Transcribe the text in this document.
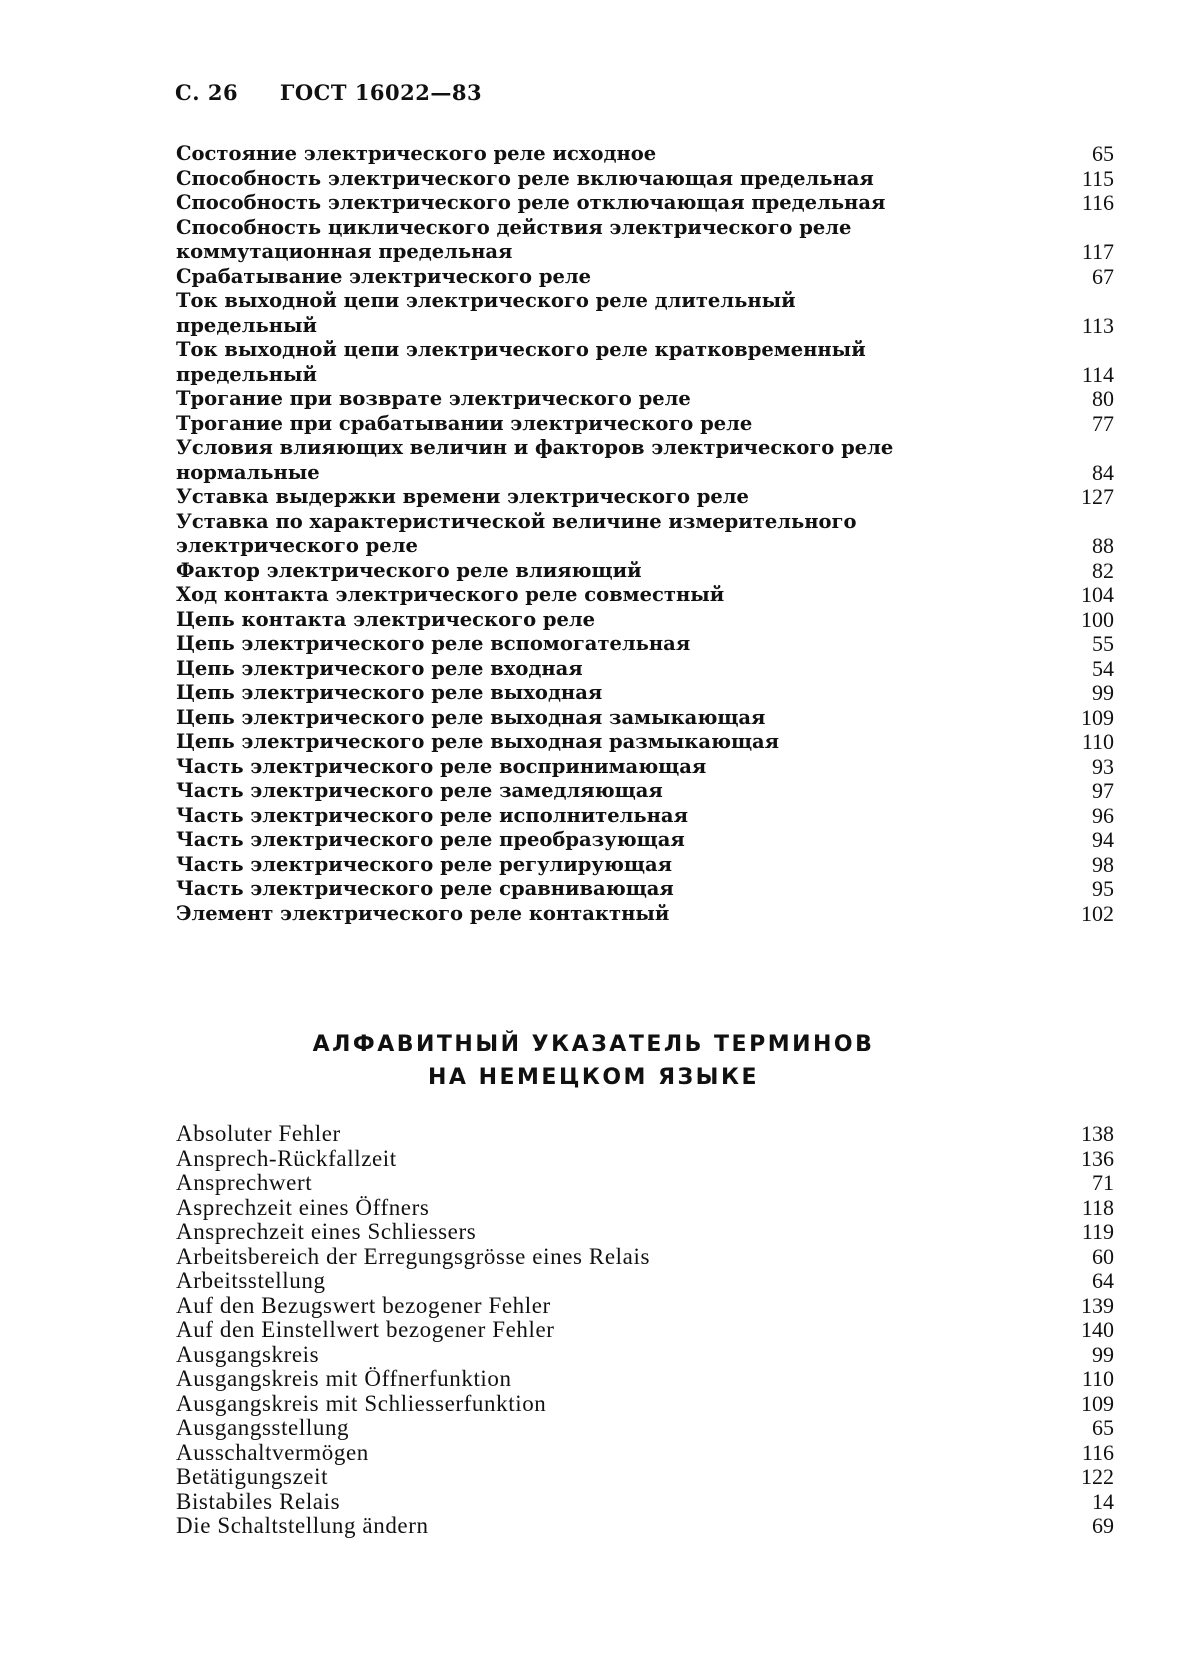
С. 26 ГОСТ 16022—83
Состояние электрического реле исходное	65
Способность электрического реле включающая предельная	115
Способность электрического реле отключающая предельная	116
Способность циклического действия электрического реле коммутационная предельная	117
Срабатывание электрического реле	67
Ток выходной цепи электрического реле длительный предельный	113
Ток выходной цепи электрического реле кратковременный предельный	114
Трогание при возврате электрического реле	80
Трогание при срабатывании электрического реле	77
Условия влияющих величин и факторов электрического реле нормальные	84
Уставка выдержки времени электрического реле	127
Уставка по характеристической величине измерительного электрического реле	88
Фактор электрического реле влияющий	82
Ход контакта электрического реле совместный	104
Цепь контакта электрического реле	100
Цепь электрического реле вспомогательная	55
Цепь электрического реле входная	54
Цепь электрического реле выходная	99
Цепь электрического реле выходная замыкающая	109
Цепь электрического реле выходная размыкающая	110
Часть электрического реле воспринимающая	93
Часть электрического реле замедляющая	97
Часть электрического реле исполнительная	96
Часть электрического реле преобразующая	94
Часть электрического реле регулирующая	98
Часть электрического реле сравнивающая	95
Элемент электрического реле контактный	102
АЛФАВИТНЫЙ УКАЗАТЕЛЬ ТЕРМИНОВ
НА НЕМЕЦКОМ ЯЗЫКЕ
Absoluter Fehler	138
Ansprech-Rückfallzeit	136
Ansprechwert	71
Asprechzeit eines Öffners	118
Ansprechzeit eines Schliessers	119
Arbeitsbereich der Erregungsgrösse eines Relais	60
Arbeitsstellung	64
Auf den Bezugswert bezogener Fehler	139
Auf den Einstellwert bezogener Fehler	140
Ausgangskreis	99
Ausgangskreis mit Öffnerfunktion	110
Ausgangskreis mit Schliesserfunktion	109
Ausgangsstellung	65
Ausschaltvermögen	116
Betätigungszeit	122
Bistabiles Relais	14
Die Schaltstellung ändern	69
